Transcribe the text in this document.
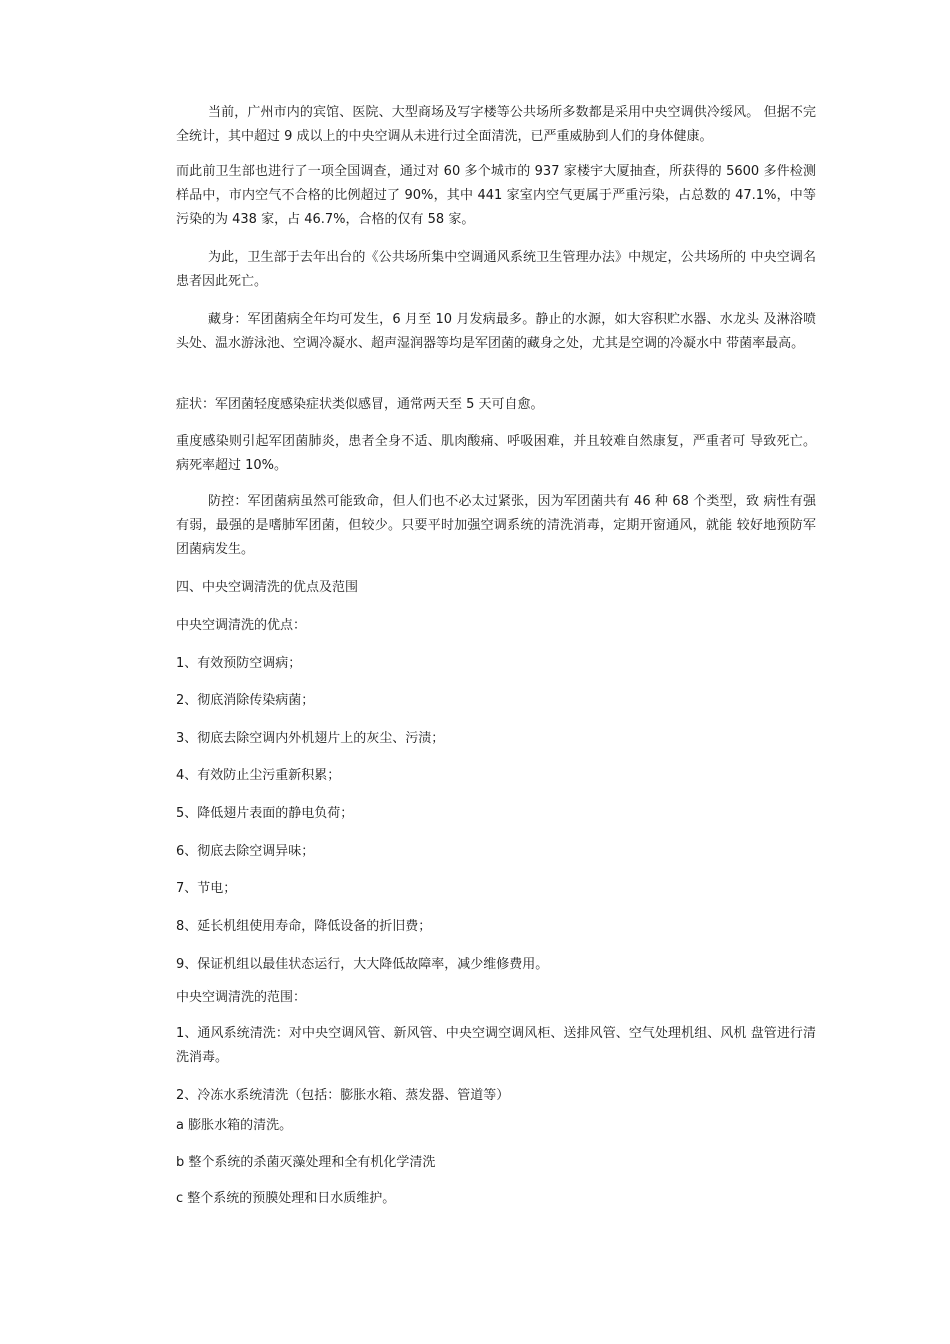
当前，广州市内的宾馆、医院、大型商场及写字楼等公共场所多数都是采用中央空调供冷绥风。 但据不完全统计，其中超过 9 成以上的中央空调从未进行过全面清洗，已严重威胁到人们的身体健康。

而此前卫生部也进行了一项全国调查，通过对 60 多个城市的 937 家楼宇大厦抽查，所获得的 5600 多件检测样品中，市内空气不合格的比例超过了 90%，其中 441 家室内空气更属于严重污染，占总数的 47.1%，中等污染的为 438 家，占 46.7%，合格的仅有 58 家。

为此，卫生部于去年出台的《公共场所集中空调通风系统卫生管理办法》中规定，公共场所的 中央空调名患者因此死亡。

藏身：军团菌病全年均可发生，6 月至 10 月发病最多。静止的水源，如大容积贮水器、水龙头 及淋浴喷头处、温水游泳池、空调冷凝水、超声湿润器等均是军团菌的藏身之处，尤其是空调的冷凝水中 带菌率最高。

症状：军团菌轻度感染症状类似感冒，通常两天至 5 天可自愈。

重度感染则引起军团菌肺炎，患者全身不适、肌肉酸痛、呼吸困难，并且较难自然康复，严重者可 导致死亡。病死率超过 10%。

防控：军团菌病虽然可能致命，但人们也不必太过紧张，因为军团菌共有 46 种 68 个类型，致 病性有强有弱，最强的是嗜肺军团菌，但较少。只要平时加强空调系统的清洗消毒，定期开窗通风，就能 较好地预防军团菌病发生。

四、中央空调清洗的优点及范围

中央空调清洗的优点：

1、有效预防空调病；

2、彻底消除传染病菌；

3、彻底去除空调内外机翅片上的灰尘、污渍；

4、有效防止尘污重新积累；

5、降低翅片表面的静电负荷；

6、彻底去除空调异味；

7、节电；

8、延长机组使用寿命，降低设备的折旧费；

9、保证机组以最佳状态运行，大大降低故障率，减少维修费用。

中央空调清洗的范围：

1、通风系统清洗：对中央空调风管、新风管、中央空调空调风柜、送排风管、空气处理机组、风机 盘管进行清洗消毒。

2、冷冻水系统清洗（包括：膨胀水箱、蒸发器、管道等）

a 膨胀水箱的清洗。

b 整个系统的杀菌灭藻处理和全有机化学清洗

c 整个系统的预膜处理和日水质维护。
